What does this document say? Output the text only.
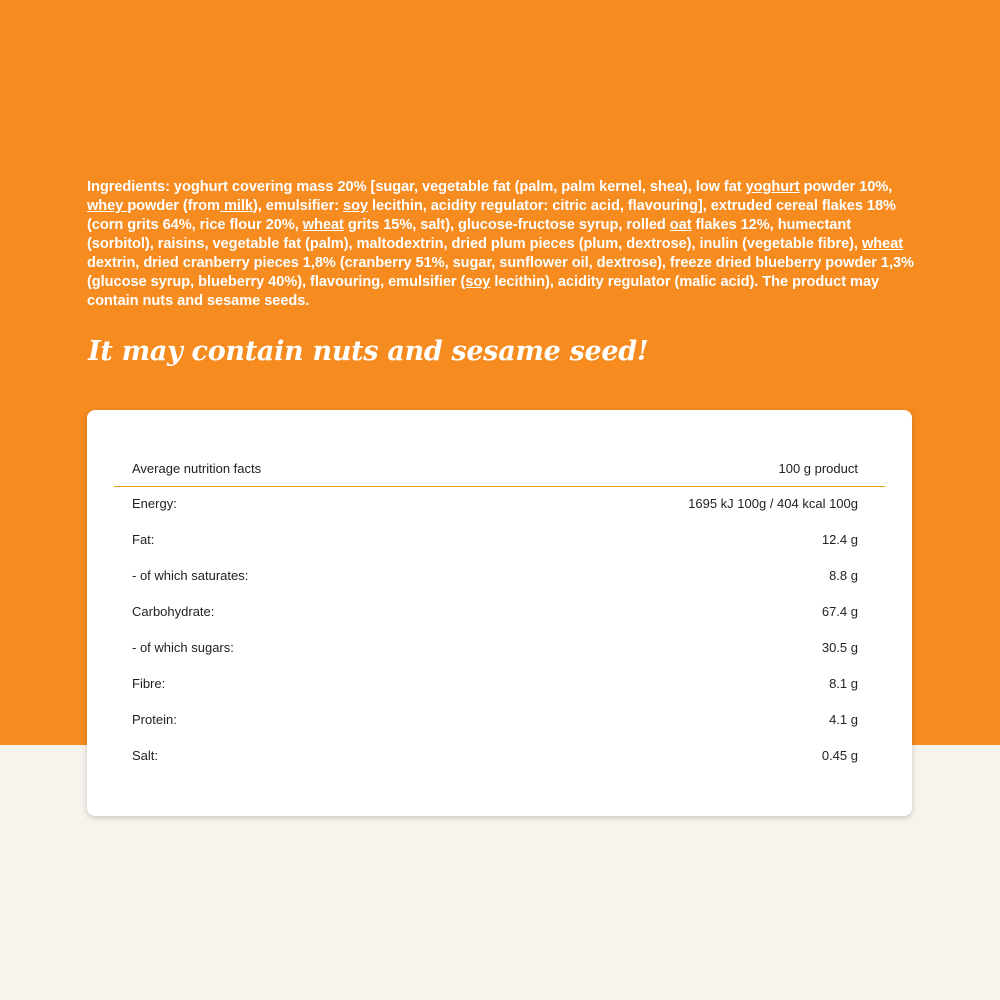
Ingredients: yoghurt covering mass 20% [sugar, vegetable fat (palm, palm kernel, shea), low fat yoghurt powder 10%, whey powder (from milk), emulsifier: soy lecithin, acidity regulator: citric acid, flavouring], extruded cereal flakes 18% (corn grits 64%, rice flour 20%, wheat grits 15%, salt), glucose-fructose syrup, rolled oat flakes 12%, humectant (sorbitol), raisins, vegetable fat (palm), maltodextrin, dried plum pieces (plum, dextrose), inulin (vegetable fibre), wheat dextrin, dried cranberry pieces 1,8% (cranberry 51%, sugar, sunflower oil, dextrose), freeze dried blueberry powder 1,3% (glucose syrup, blueberry 40%), flavouring, emulsifier (soy lecithin), acidity regulator (malic acid). The product may contain nuts and sesame seeds.
It may contain nuts and sesame seed!
Average nutrition facts	100 g product
Energy:	1695 kJ 100g / 404 kcal 100g
Fat:	12.4 g
- of which saturates:	8.8 g
Carbohydrate:	67.4 g
- of which sugars:	30.5 g
Fibre:	8.1 g
Protein:	4.1 g
Salt:	0.45 g
